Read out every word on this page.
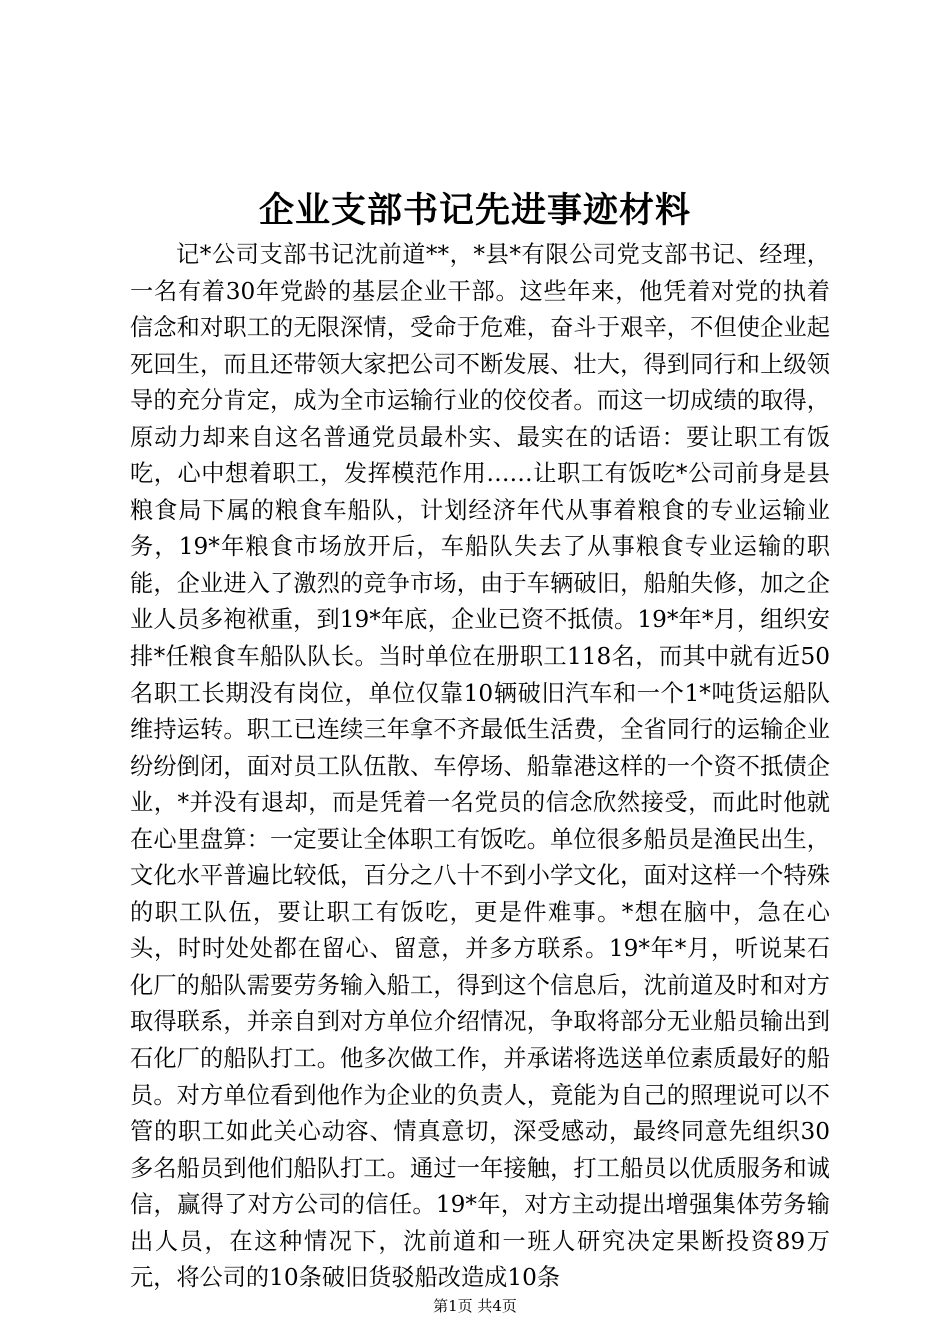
企业支部书记先进事迹材料

记*公司支部书记沈前道**，*县*有限公司党支部书记、经理，一名有着30年党龄的基层企业干部。这些年来，他凭着对党的执着信念和对职工的无限深情，受命于危难，奋斗于艰辛，不但使企业起死回生，而且还带领大家把公司不断发展、壮大，得到同行和上级领导的充分肯定，成为全市运输行业的佼佼者。而这一切成绩的取得，原动力却来自这名普通党员最朴实、最实在的话语：要让职工有饭吃，心中想着职工，发挥模范作用……让职工有饭吃*公司前身是县粮食局下属的粮食车船队，计划经济年代从事着粮食的专业运输业务，19*年粮食市场放开后，车船队失去了从事粮食专业运输的职能，企业进入了激烈的竞争市场，由于车辆破旧，船舶失修，加之企业人员多袍袱重，到19*年底，企业已资不抵债。19*年*月，组织安排*任粮食车船队队长。当时单位在册职工118名，而其中就有近50名职工长期没有岗位，单位仅靠10辆破旧汽车和一个1*吨货运船队维持运转。职工已连续三年拿不齐最低生活费，全省同行的运输企业纷纷倒闭，面对员工队伍散、车停场、船靠港这样的一个资不抵债企业，*并没有退却，而是凭着一名党员的信念欣然接受，而此时他就在心里盘算：一定要让全体职工有饭吃。单位很多船员是渔民出生，文化水平普遍比较低，百分之八十不到小学文化，面对这样一个特殊的职工队伍，要让职工有饭吃，更是件难事。*想在脑中，急在心头，时时处处都在留心、留意，并多方联系。19*年*月，听说某石化厂的船队需要劳务输入船工，得到这个信息后，沈前道及时和对方取得联系，并亲自到对方单位介绍情况，争取将部分无业船员输出到石化厂的船队打工。他多次做工作，并承诺将选送单位素质最好的船员。对方单位看到他作为企业的负责人，竟能为自己的照理说可以不管的职工如此关心动容、情真意切，深受感动，最终同意先组织30多名船员到他们船队打工。通过一年接触，打工船员以优质服务和诚信，赢得了对方公司的信任。19*年，对方主动提出增强集体劳务输出人员，在这种情况下，沈前道和一班人研究决定果断投资89万元，将公司的10条破旧货驳船改造成10条

第1页 共4页
